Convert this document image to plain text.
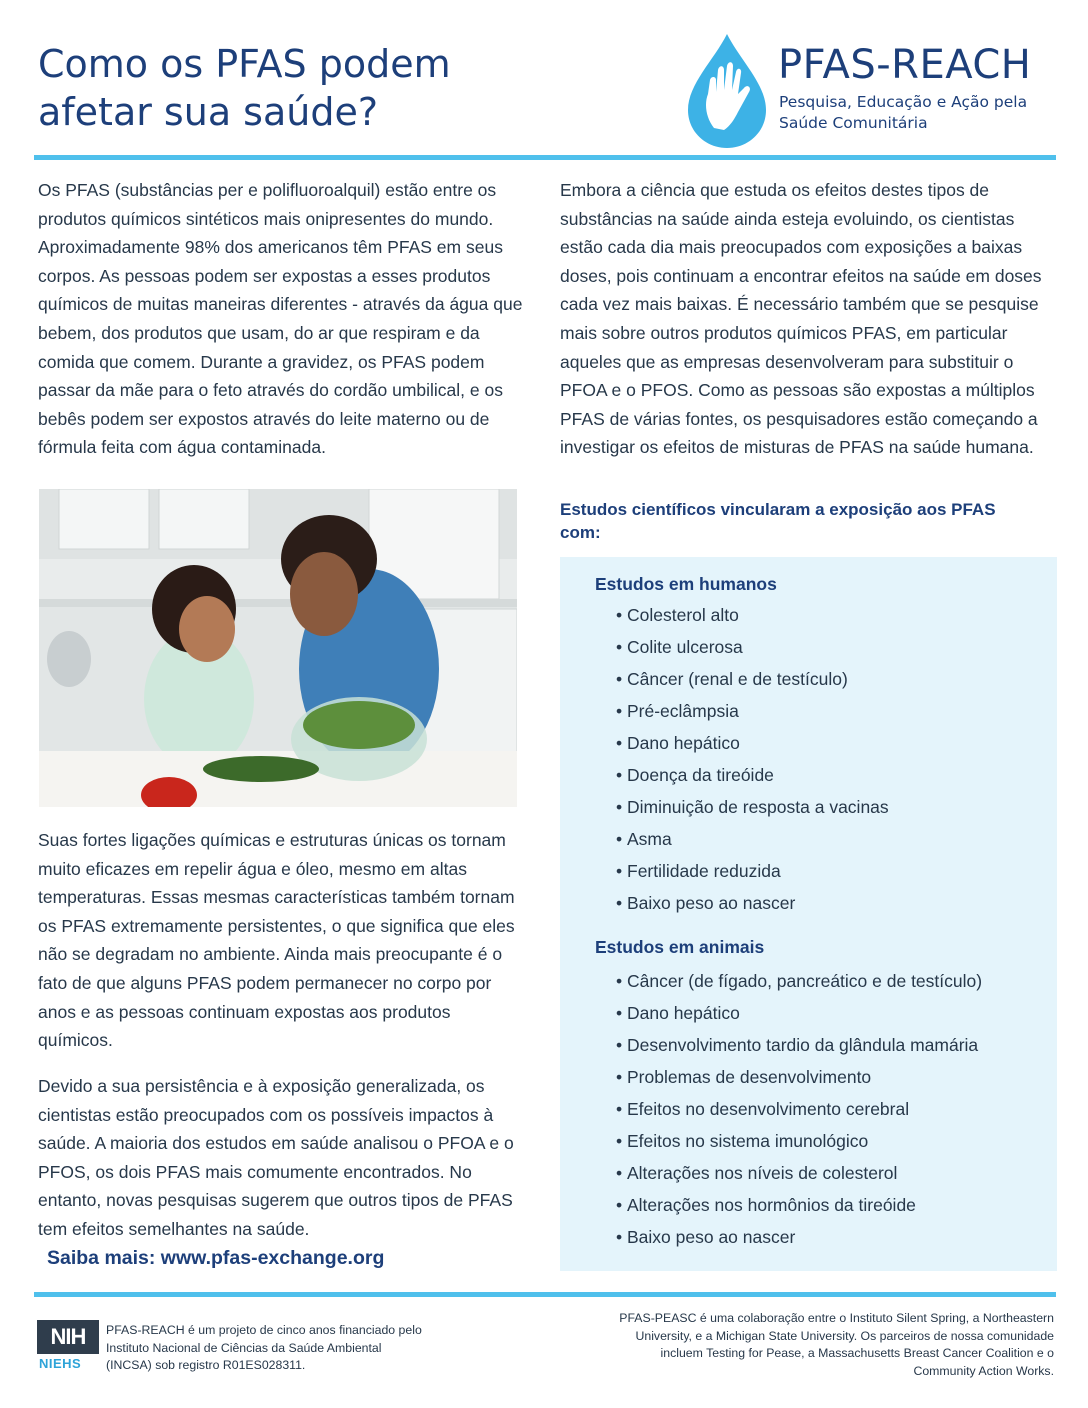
Como os PFAS podem afetar sua saúde?
PFAS-REACH
Pesquisa, Educação e Ação pela Saúde Comunitária

Os PFAS (substâncias per e polifluoroalquil) estão entre os produtos químicos sintéticos mais onipresentes do mundo. Aproximadamente 98% dos americanos têm PFAS em seus corpos. As pessoas podem ser expostas a esses produtos químicos de muitas maneiras diferentes - através da água que bebem, dos produtos que usam, do ar que respiram e da comida que comem. Durante a gravidez, os PFAS podem passar da mãe para o feto através do cordão umbilical, e os bebês podem ser expostos através do leite materno ou de fórmula feita com água contaminada.

Suas fortes ligações químicas e estruturas únicas os tornam muito eficazes em repelir água e óleo, mesmo em altas temperaturas. Essas mesmas características também tornam os PFAS extremamente persistentes, o que significa que eles não se degradam no ambiente. Ainda mais preocupante é o fato de que alguns PFAS podem permanecer no corpo por anos e as pessoas continuam expostas aos produtos químicos.

Devido a sua persistência e à exposição generalizada, os cientistas estão preocupados com os possíveis impactos à saúde. A maioria dos estudos em saúde analisou o PFOA e o PFOS, os dois PFAS mais comumente encontrados. No entanto, novas pesquisas sugerem que outros tipos de PFAS tem efeitos semelhantes na saúde.

Saiba mais: www.pfas-exchange.org

Embora a ciência que estuda os efeitos destes tipos de substâncias na saúde ainda esteja evoluindo, os cientistas estão cada dia mais preocupados com exposições a baixas doses, pois continuam a encontrar efeitos na saúde em doses cada vez mais baixas. É necessário também que se pesquise mais sobre outros produtos químicos PFAS, em particular aqueles que as empresas desenvolveram para substituir o PFOA e o PFOS. Como as pessoas são expostas a múltiplos PFAS de várias fontes, os pesquisadores estão começando a investigar os efeitos de misturas de PFAS na saúde humana.

Estudos científicos vincularam a exposição aos PFAS com:
Estudos em humanos
• Colesterol alto
• Colite ulcerosa
• Câncer (renal e de testículo)
• Pré-eclâmpsia
• Dano hepático
• Doença da tireóide
• Diminuição de resposta a vacinas
• Asma
• Fertilidade reduzida
• Baixo peso ao nascer
Estudos em animais
• Câncer (de fígado, pancreático e de testículo)
• Dano hepático
• Desenvolvimento tardio da glândula mamária
• Problemas de desenvolvimento
• Efeitos no desenvolvimento cerebral
• Efeitos no sistema imunológico
• Alterações nos níveis de colesterol
• Alterações nos hormônios da tireóide
• Baixo peso ao nascer
NIH
NIEHS

PFAS-REACH é um projeto de cinco anos financiado pelo Instituto Nacional de Ciências da Saúde Ambiental (INCSA) sob registro R01ES028311.

PFAS-PEASC é uma colaboração entre o Instituto Silent Spring, a Northeastern University, e a Michigan State University. Os parceiros de nossa comunidade incluem Testing for Pease, a Massachusetts Breast Cancer Coalition e o Community Action Works.
